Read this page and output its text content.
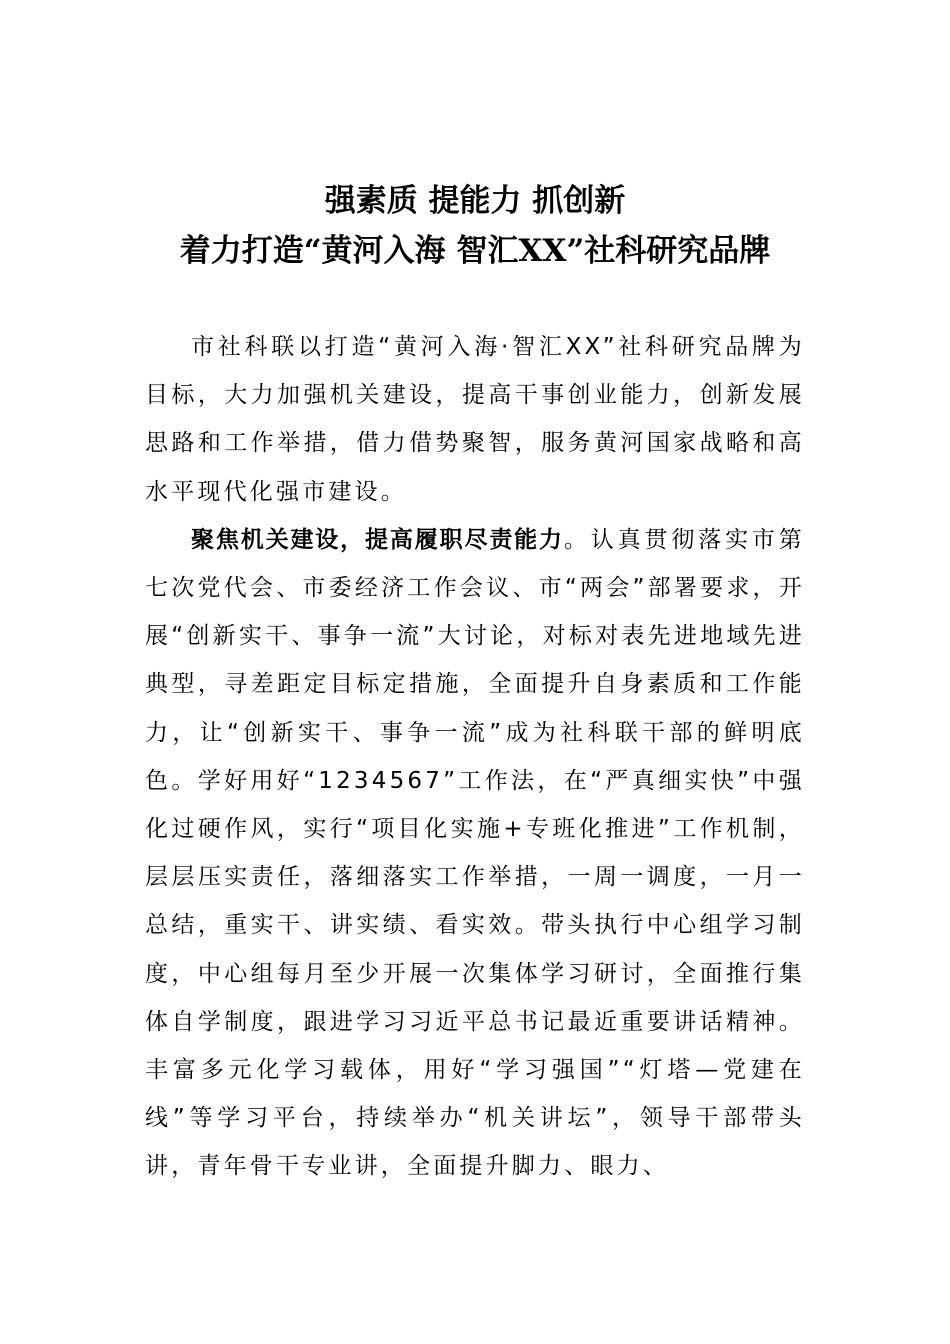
强素质 提能力 抓创新
着力打造“黄河入海 智汇XX”社科研究品牌

市社科联以打造“黄河入海·智汇XX”社科研究品牌为目标，大力加强机关建设，提高干事创业能力，创新发展思路和工作举措，借力借势聚智，服务黄河国家战略和高水平现代化强市建设。

聚焦机关建设，提高履职尽责能力。认真贯彻落实市第七次党代会、市委经济工作会议、市“两会”部署要求，开展“创新实干、事争一流”大讨论，对标对表先进地域先进典型，寻差距定目标定措施，全面提升自身素质和工作能力，让“创新实干、事争一流”成为社科联干部的鲜明底色。学好用好“1234567”工作法，在“严真细实快”中强化过硬作风，实行“项目化实施+专班化推进”工作机制，层层压实责任，落细落实工作举措，一周一调度，一月一总结，重实干、讲实绩、看实效。带头执行中心组学习制度，中心组每月至少开展一次集体学习研讨，全面推行集体自学制度，跟进学习习近平总书记最近重要讲话精神。丰富多元化学习载体，用好“学习强国”“灯塔—党建在线”等学习平台，持续举办“机关讲坛”，领导干部带头讲，青年骨干专业讲，全面提升脚力、眼力、
